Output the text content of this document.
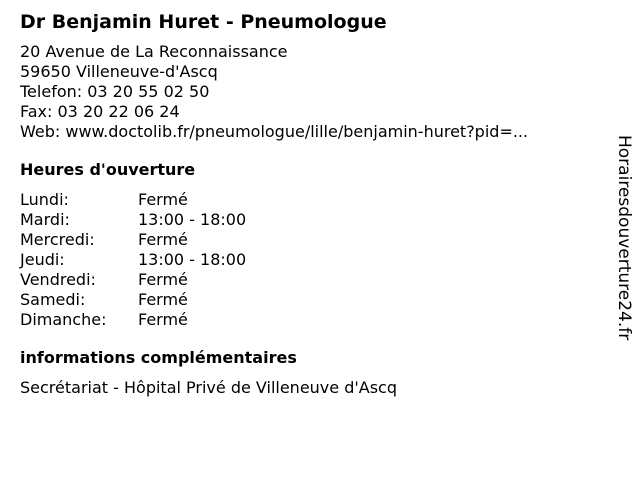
Dr Benjamin Huret - Pneumologue
20 Avenue de La Reconnaissance
59650 Villeneuve-d'Ascq
Telefon: 03 20 55 02 50
Fax: 03 20 22 06 24
Web: www.doctolib.fr/pneumologue/lille/benjamin-huret?pid=...
Heures d'ouverture
Lundi:	Fermé
Mardi:	13:00 - 18:00
Mercredi:	Fermé
Jeudi:	13:00 - 18:00
Vendredi:	Fermé
Samedi:	Fermé
Dimanche:	Fermé
informations complémentaires
Secrétariat - Hôpital Privé de Villeneuve d'Ascq
Horairesdouverture24.fr
